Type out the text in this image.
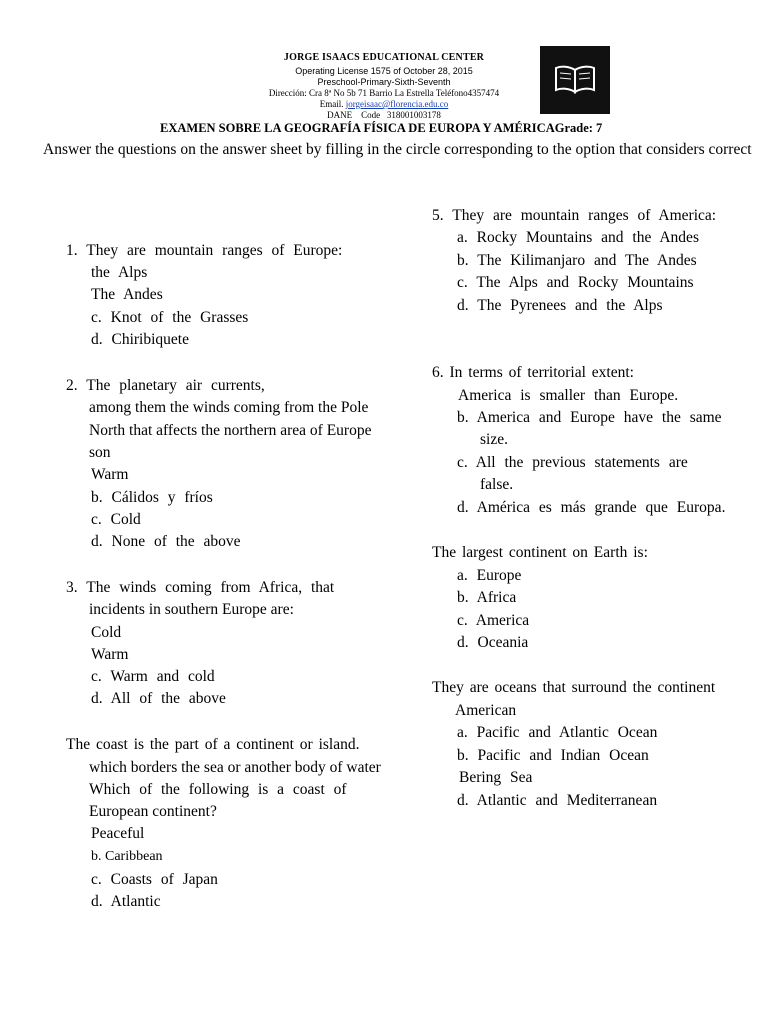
JORGE ISAACS EDUCATIONAL CENTER
Operating License 1575 of October 28, 2015
Preschool-Primary-Sixth-Seventh
Dirección: Cra 8ª No 5b 71 Barrio La Estrella Teléfono4357474
Email. jorgeisaac@florencia.edu.co
DANE    Code   318001003178
EXAMEN SOBRE LA GEOGRAFÍA FÍSICA DE EUROPA Y AMÉRICAGrade: 7
Answer the questions on the answer sheet by filling in the circle corresponding to the option that considers correct
1. They are mountain ranges of Europe:
the Alps
The Andes
c. Knot of the Grasses
d. Chiribiquete
2. The planetary air currents,
among them the winds coming from the Pole
North that affects the northern area of Europe
son
Warm
b. Cálidos y fríos
c. Cold
d. None of the above
3. The winds coming from Africa, that
incidents in southern Europe are:
Cold
Warm
c. Warm and cold
d. All of the above
The coast is the part of a continent or island.
which borders the sea or another body of water
Which of the following is a coast of
European continent?
Peaceful
b. Caribbean
c. Coasts of Japan
d. Atlantic
5. They are mountain ranges of America:
a. Rocky Mountains and the Andes
b. The Kilimanjaro and The Andes
c. The Alps and Rocky Mountains
d. The Pyrenees and the Alps
6. In terms of territorial extent:
America is smaller than Europe.
b. America and Europe have the same
size.
c. All the previous statements are
false.
d. América es más grande que Europa.
The largest continent on Earth is:
a. Europe
b. Africa
c. America
d. Oceania
They are oceans that surround the continent
American
a. Pacific and Atlantic Ocean
b. Pacific and Indian Ocean
Bering Sea
d. Atlantic and Mediterranean
